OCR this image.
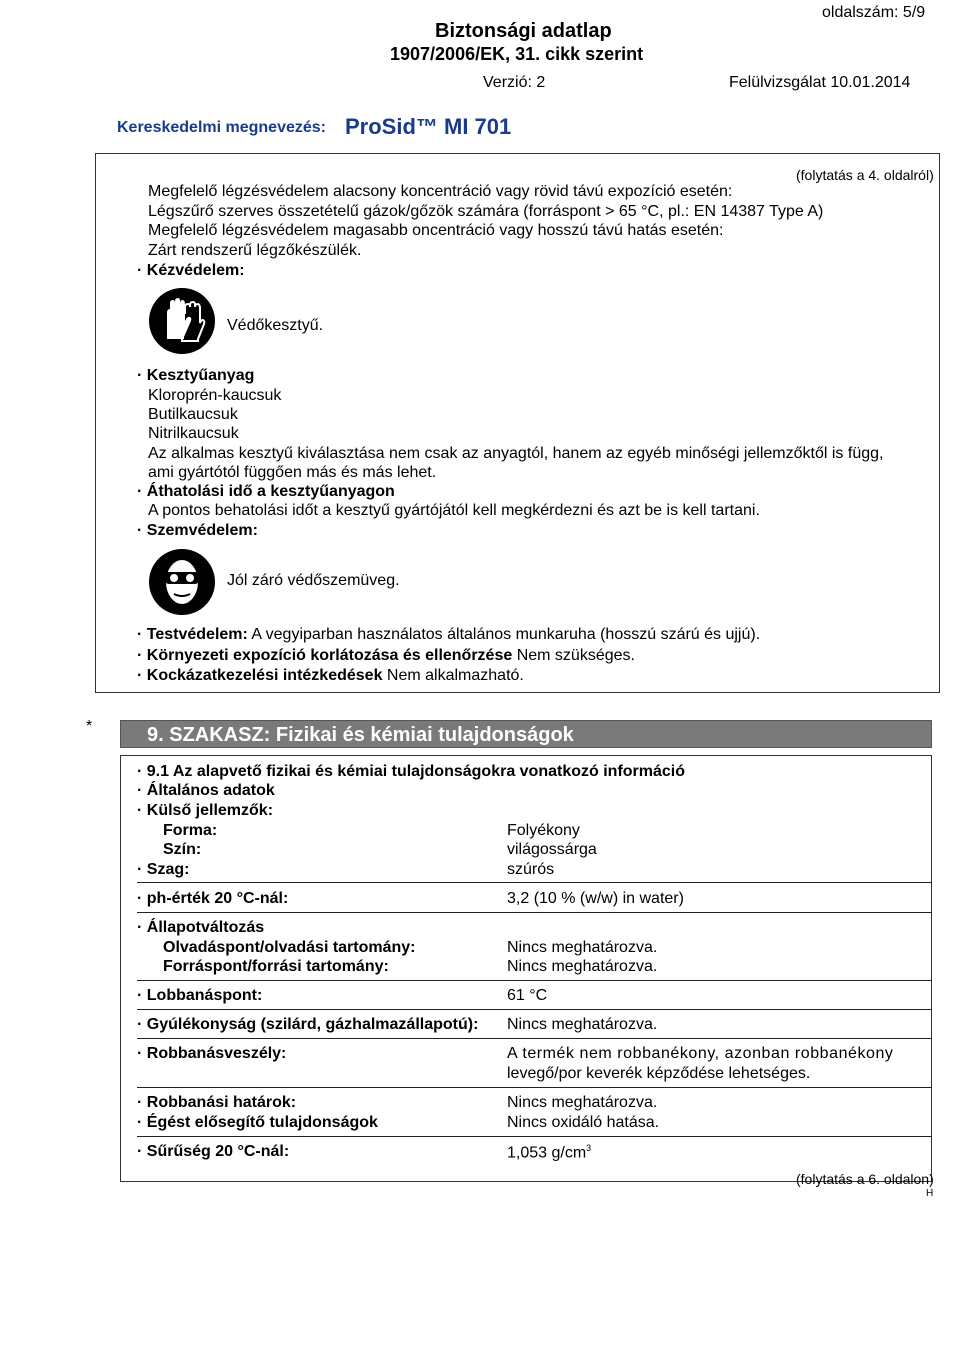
oldalszám: 5/9
Biztonsági adatlap
1907/2006/EK, 31. cikk szerint
Verzió: 2	Felülvizsgálat 10.01.2014
Kereskedelmi megnevezés: ProSid™ MI 701
(folytatás a 4. oldalról)
Megfelelő légzésvédelem alacsony koncentráció vagy rövid távú expozíció esetén:
Légszűrő szerves összetételű gázok/gőzök számára (forráspont > 65 °C, pl.: EN 14387 Type A)
Megfelelő légzésvédelem magasabb oncentráció vagy hosszú távú hatás esetén:
Zárt rendszerű légzőkészülék.
· Kézvédelem:
Védőkesztyű.
· Kesztyűanyag
Kloroprén-kaucsuk
Butilkaucsuk
Nitrilkaucsuk
Az alkalmas kesztyű kiválasztása nem csak az anyagtól, hanem az egyéb minőségi jellemzőktől is függ,
ami gyártótól függően más és más lehet.
· Áthatolási idő a kesztyűanyagon
A pontos behatolási időt a kesztyű gyártójától kell megkérdezni és azt be is kell tartani.
· Szemvédelem:
Jól záró védőszemüveg.
· Testvédelem: A vegyiparban használatos általános munkaruha (hosszú szárú és ujjú).
· Környezeti expozíció korlátozása és ellenőrzése Nem szükséges.
· Kockázatkezelési intézkedések Nem alkalmazható.
*	9. SZAKASZ: Fizikai és kémiai tulajdonságok
· 9.1 Az alapvető fizikai és kémiai tulajdonságokra vonatkozó információ
· Általános adatok
· Külső jellemzők:
Forma:	Folyékony
Szín:	világossárga
· Szag:	szúrós
· ph-érték 20 °C-nál:	3,2 (10 % (w/w) in water)
· Állapotváltozás
Olvadáspont/olvadási tartomány:	Nincs meghatározva.
Forráspont/forrási tartomány:	Nincs meghatározva.
· Lobbanáspont:	61 °C
· Gyúlékonyság (szilárd, gázhalmazállapotú): Nincs meghatározva.
· Robbanásveszély:	A termék nem robbanékony, azonban robbanékony
levegő/por keverék képződése lehetséges.
· Robbanási határok:	Nincs meghatározva.
· Égést elősegítő tulajdonságok	Nincs oxidáló hatása.
· Sűrűség 20 °C-nál:	1,053 $g/cm^3$
(folytatás a 6. oldalon)
H
